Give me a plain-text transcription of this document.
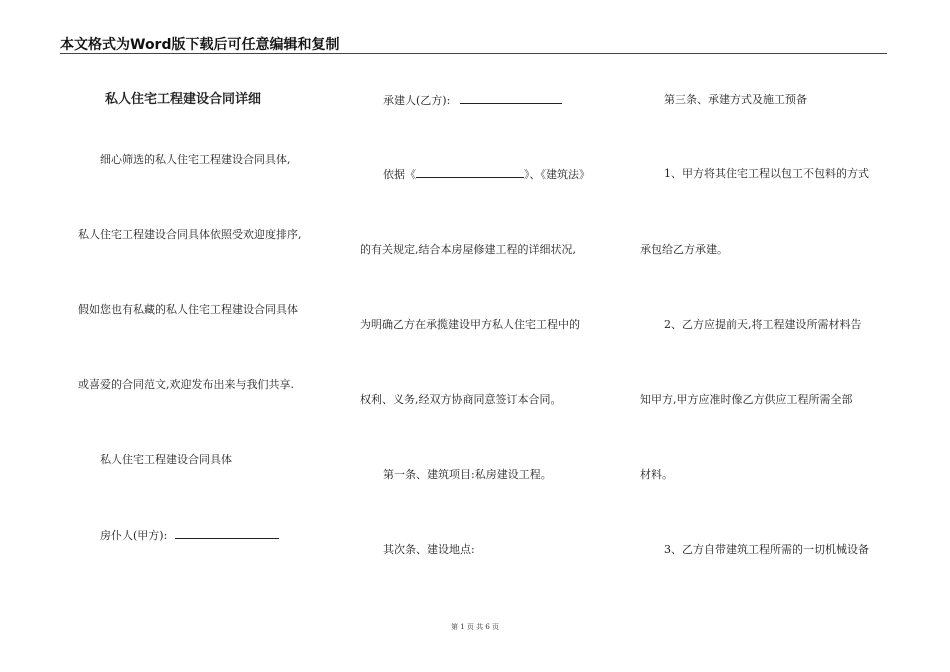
本文格式为Word版下载后可任意编辑和复制
私人住宅工程建设合同详细
细心筛选的私人住宅工程建设合同具体,
私人住宅工程建设合同具体依照受欢迎度排序,
假如您也有私藏的私人住宅工程建设合同具体
或喜爱的合同范文,欢迎发布出来与我们共享.
私人住宅工程建设合同具体
房仆人(甲方):
承建人(乙方):
依据《	》、《建筑法》
的有关规定,结合本房屋修建工程的详细状况,
为明确乙方在承揽建设甲方私人住宅工程中的
权利、义务,经双方协商同意签订本合同。
第一条、建筑项目:私房建设工程。
其次条、建设地点:
第三条、承建方式及施工预备
1、甲方将其住宅工程以包工不包料的方式
承包给乙方承建。
2、乙方应提前天,将工程建设所需材料告
知甲方,甲方应准时像乙方供应工程所需全部
材料。
3、乙方自带建筑工程所需的一切机械设备
第 1 页 共 6 页
